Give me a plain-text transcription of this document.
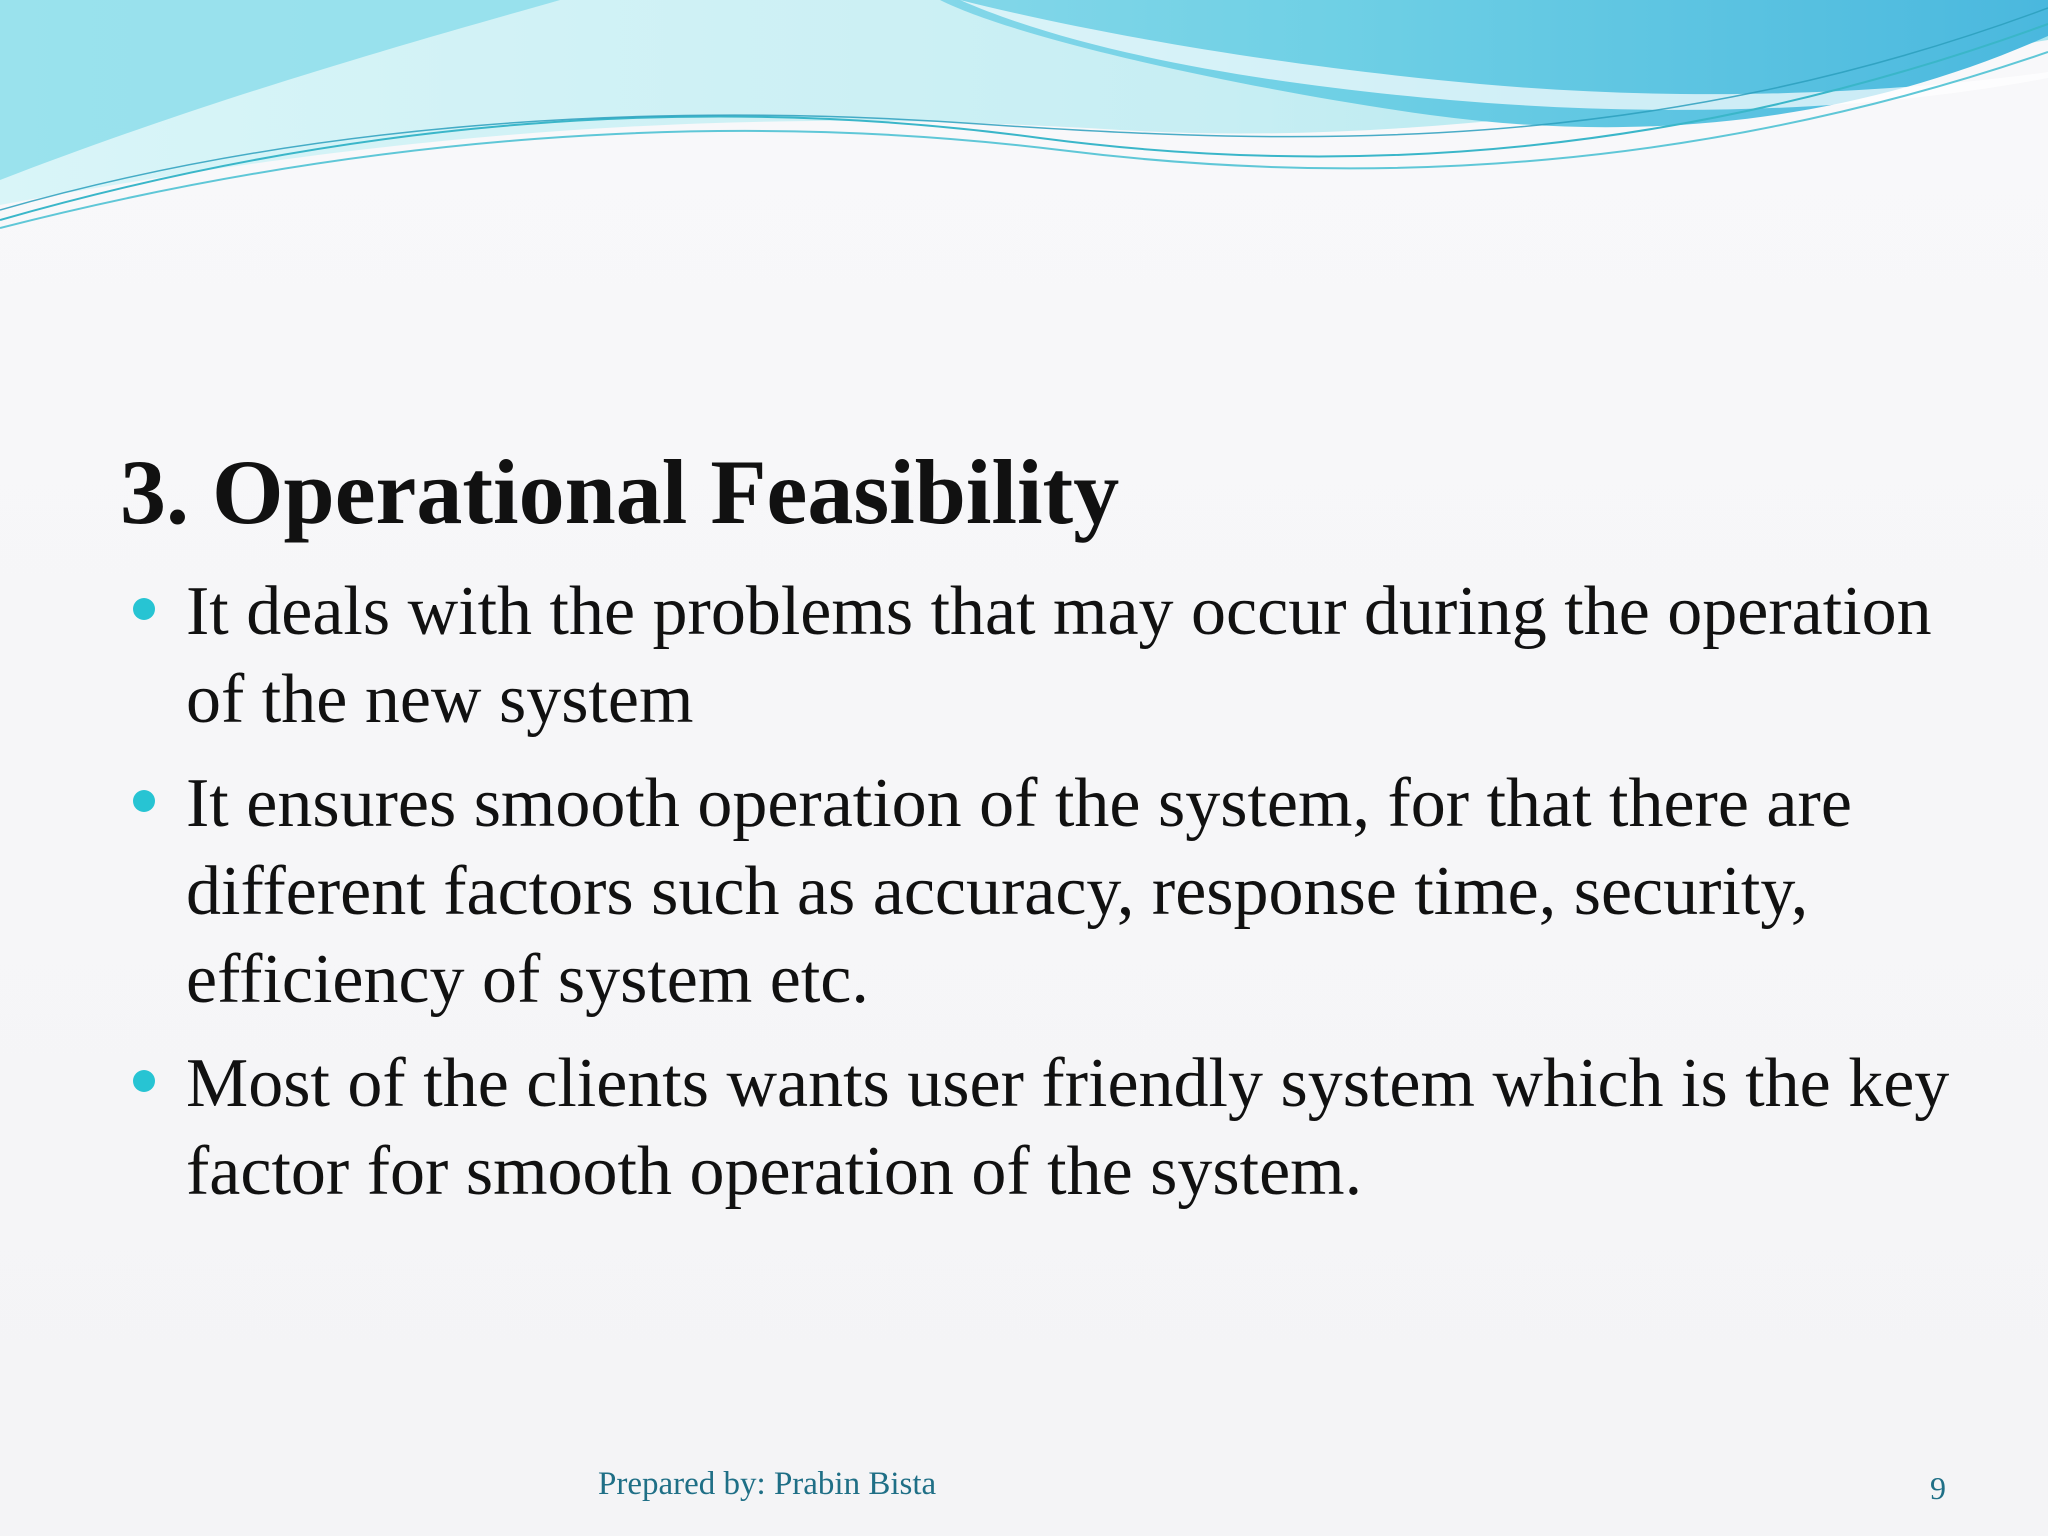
3. Operational Feasibility
It deals with the problems that may occur during the operation of the new system
It ensures smooth operation of the system, for that there are different factors such as accuracy, response time, security, efficiency of system etc.
Most of the clients wants user friendly system which is the key factor for smooth operation of the system.
Prepared by: Prabin Bista	9
